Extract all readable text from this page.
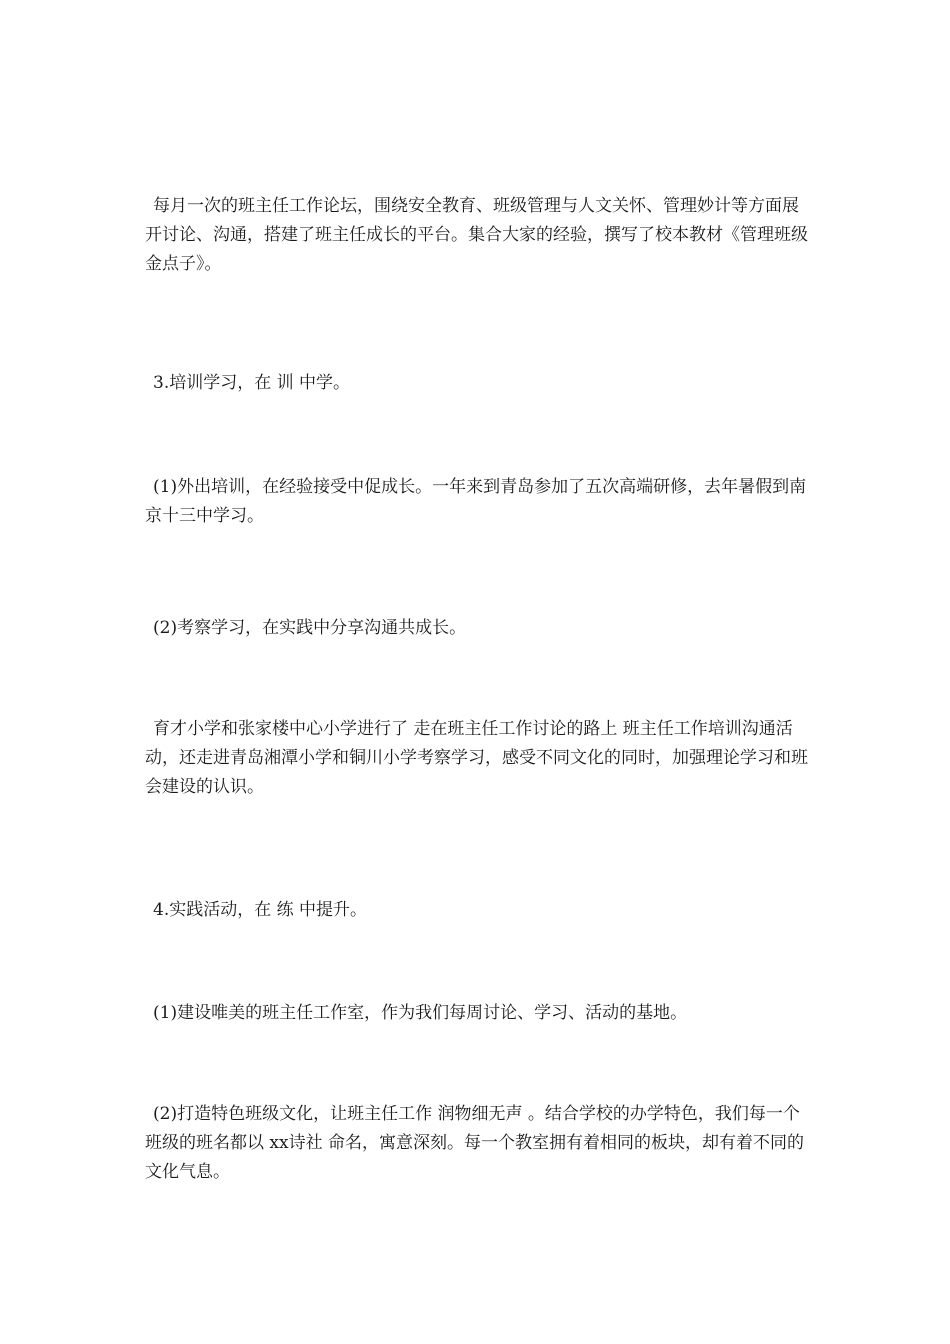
每月一次的班主任工作论坛，围绕安全教育、班级管理与人文关怀、管理妙计等方面展开讨论、沟通，搭建了班主任成长的平台。集合大家的经验，撰写了校本教材《管理班级金点子》。

3.培训学习，在 训 中学。

(1)外出培训，在经验接受中促成长。一年来到青岛参加了五次高端研修，去年暑假到南京十三中学习。

(2)考察学习，在实践中分享沟通共成长。

育才小学和张家楼中心小学进行了 走在班主任工作讨论的路上 班主任工作培训沟通活动，还走进青岛湘潭小学和铜川小学考察学习，感受不同文化的同时，加强理论学习和班会建设的认识。

4.实践活动，在 练 中提升。

(1)建设唯美的班主任工作室，作为我们每周讨论、学习、活动的基地。

(2)打造特色班级文化，让班主任工作 润物细无声 。结合学校的办学特色，我们每一个班级的班名都以 xx诗社 命名，寓意深刻。每一个教室拥有着相同的板块，却有着不同的文化气息。
